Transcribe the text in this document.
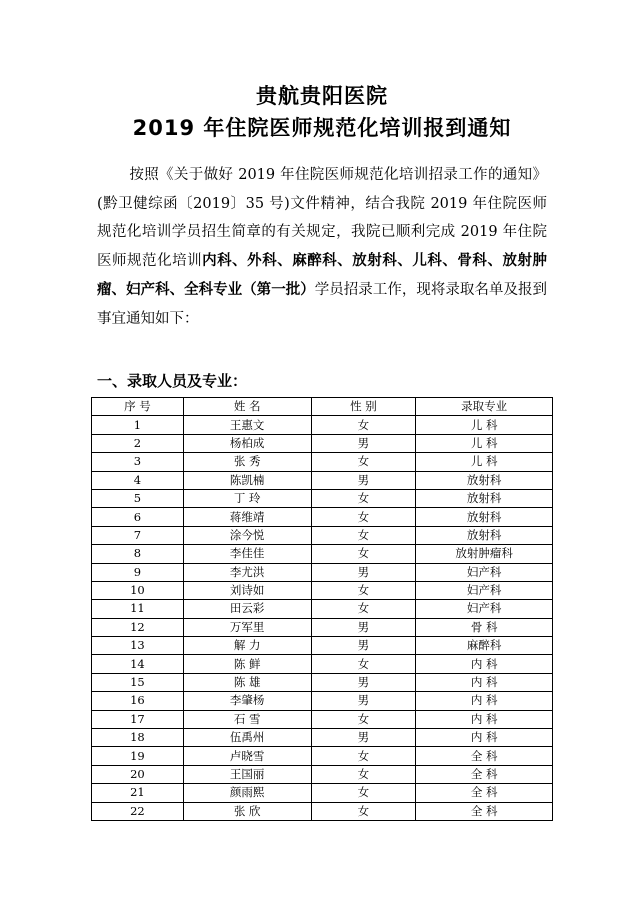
贵航贵阳医院
2019 年住院医师规范化培训报到通知
按照《关于做好 2019 年住院医师规范化培训招录工作的通知》(黔卫健综函〔2019〕35 号)文件精神，结合我院 2019 年住院医师规范化培训学员招生简章的有关规定，我院已顺利完成 2019 年住院医师规范化培训内科、外科、麻醉科、放射科、儿科、骨科、放射肿瘤、妇产科、全科专业（第一批）学员招录工作，现将录取名单及报到事宜通知如下：
一、录取人员及专业：
序 号	姓 名	性 别	录取专业
1	王惠文	女	儿 科
2	杨柏成	男	儿 科
3	张 秀	女	儿 科
4	陈凯楠	男	放射科
5	丁 玲	女	放射科
6	蒋维靖	女	放射科
7	涂今悦	女	放射科
8	李佳佳	女	放射肿瘤科
9	李尤洪	男	妇产科
10	刘诗如	女	妇产科
11	田云彩	女	妇产科
12	万军里	男	骨 科
13	解 力	男	麻醉科
14	陈 鲜	女	内 科
15	陈 雄	男	内 科
16	李肇杨	男	内 科
17	石 雪	女	内 科
18	伍禹州	男	内 科
19	卢晓雪	女	全 科
20	王国丽	女	全 科
21	颜雨熙	女	全 科
22	张 欣	女	全 科
